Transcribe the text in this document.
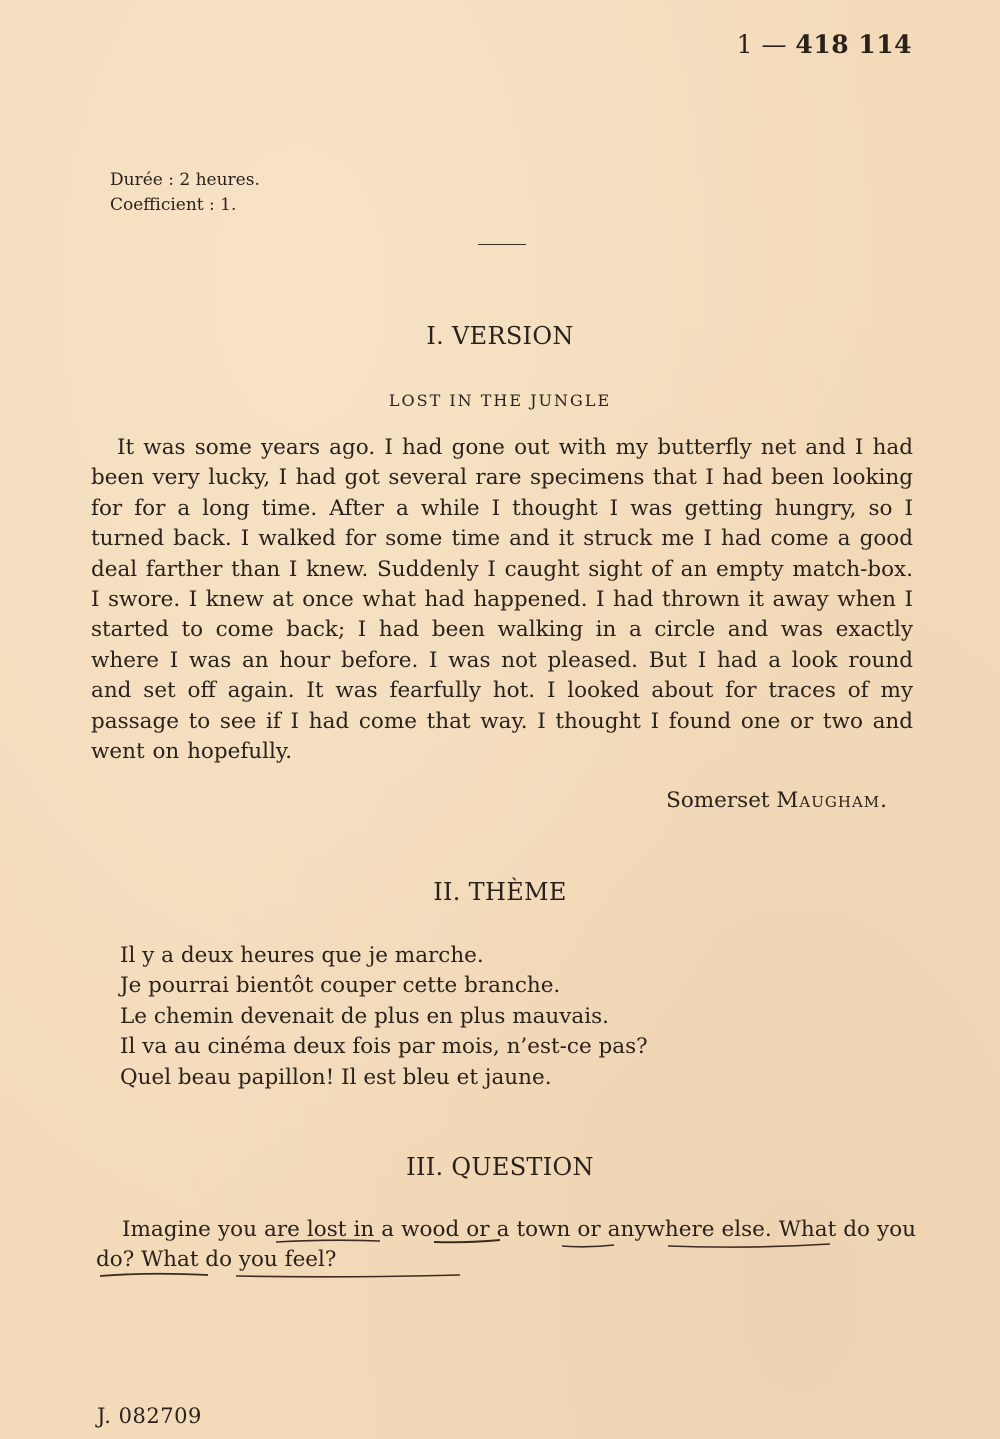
1 — 418 114
Durée : 2 heures.
Coefficient : 1.
I. VERSION
LOST IN THE JUNGLE
It was some years ago. I had gone out with my butterfly net and I had been very lucky, I had got several rare specimens that I had been looking for for a long time. After a while I thought I was getting hungry, so I turned back. I walked for some time and it struck me I had come a good deal farther than I knew. Suddenly I caught sight of an empty match-box. I swore. I knew at once what had happened. I had thrown it away when I started to come back; I had been walking in a circle and was exactly where I was an hour before. I was not pleased. But I had a look round and set off again. It was fearfully hot. I looked about for traces of my passage to see if I had come that way. I thought I found one or two and went on hopefully.
Somerset Maugham.
II. THÈME
Il y a deux heures que je marche.
Je pourrai bientôt couper cette branche.
Le chemin devenait de plus en plus mauvais.
Il va au cinéma deux fois par mois, n’est-ce pas?
Quel beau papillon! Il est bleu et jaune.
III. QUESTION
Imagine you are lost in a wood or a town or anywhere else. What do you do? What do you feel?
J. 082709
